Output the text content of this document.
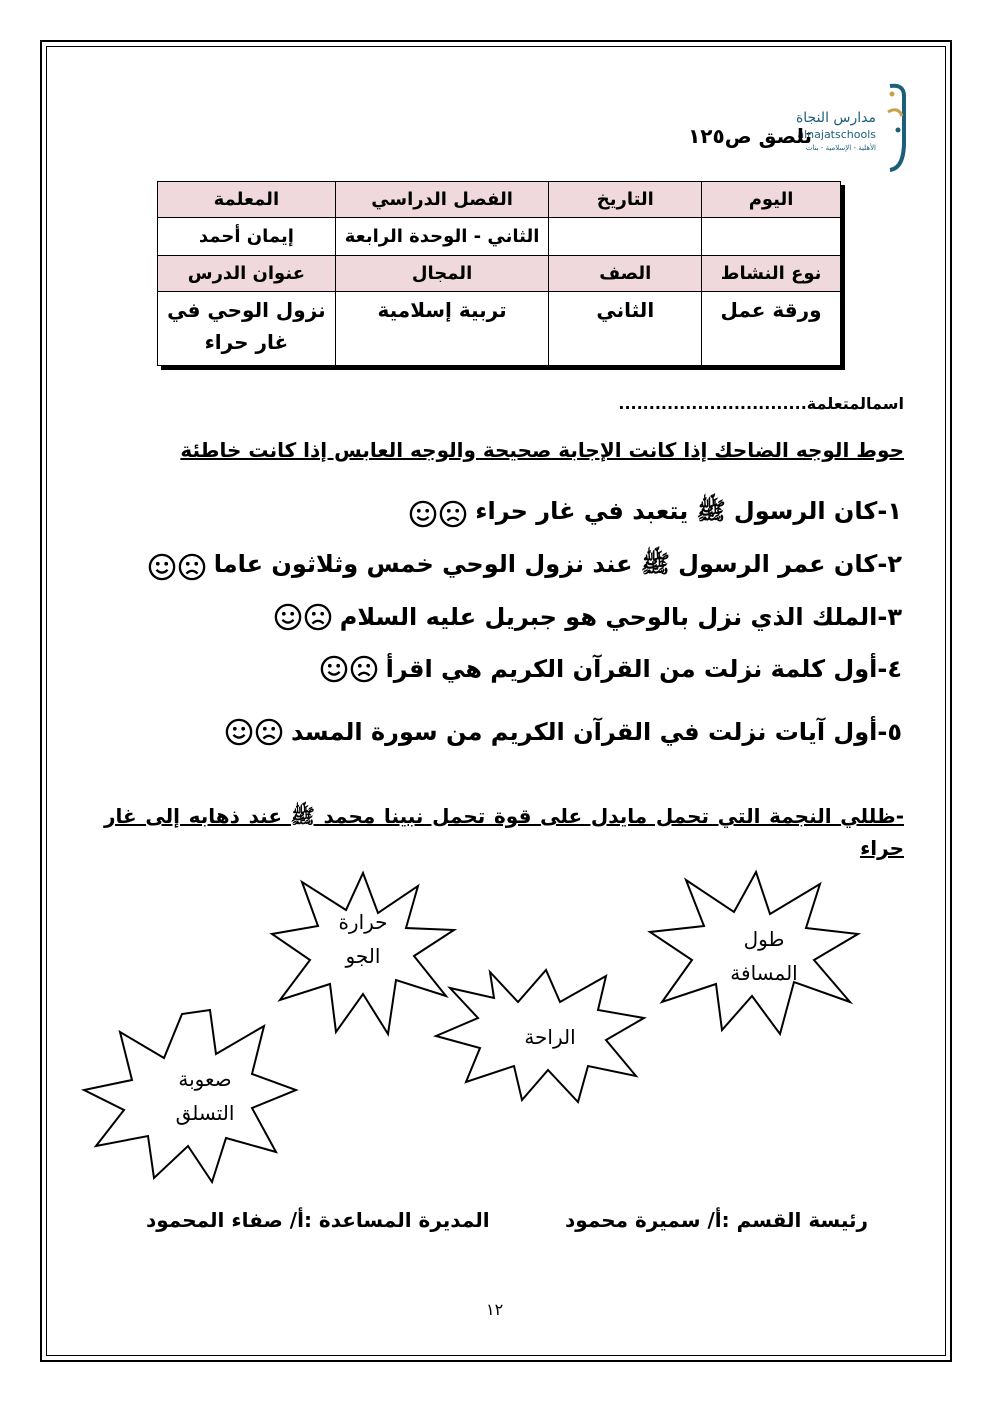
مدارس النجاة
alnajatschools
الأهلية - الإسلامية - بنات
تلصق ص١٢٥
اليوم	التاريخ	الفصل الدراسي	المعلمة
		الثاني - الوحدة الرابعة	إيمان أحمد
نوع النشاط	الصف	المجال	عنوان الدرس
ورقة عمل	الثاني	تربية إسلامية	نزول الوحي في غار حراء
اسمالمتعلمة...............................
حوط الوجه الضاحك إذا كانت الإجابة صحيحة والوجه العابس إذا كانت خاطئة
١-كان الرسول ﷺ يتعبد في غار حراء
٢-كان عمر الرسول ﷺ عند نزول الوحي خمس وثلاثون عاما
٣-الملك الذي نزل بالوحي هو جبريل عليه السلام
٤-أول كلمة نزلت من القرآن الكريم هي اقرأ
٥-أول آيات نزلت في القرآن الكريم من سورة المسد
-ظللي النجمة التي تحمل مايدل على قوة تحمل نبينا محمد ﷺ عند ذهابه إلى غار حراء
حرارة
الجو
طول
المسافة
الراحة
صعوبة
التسلق
رئيسة القسم :أ/ سميرة محمود
المديرة المساعدة :أ/ صفاء المحمود
١٢
